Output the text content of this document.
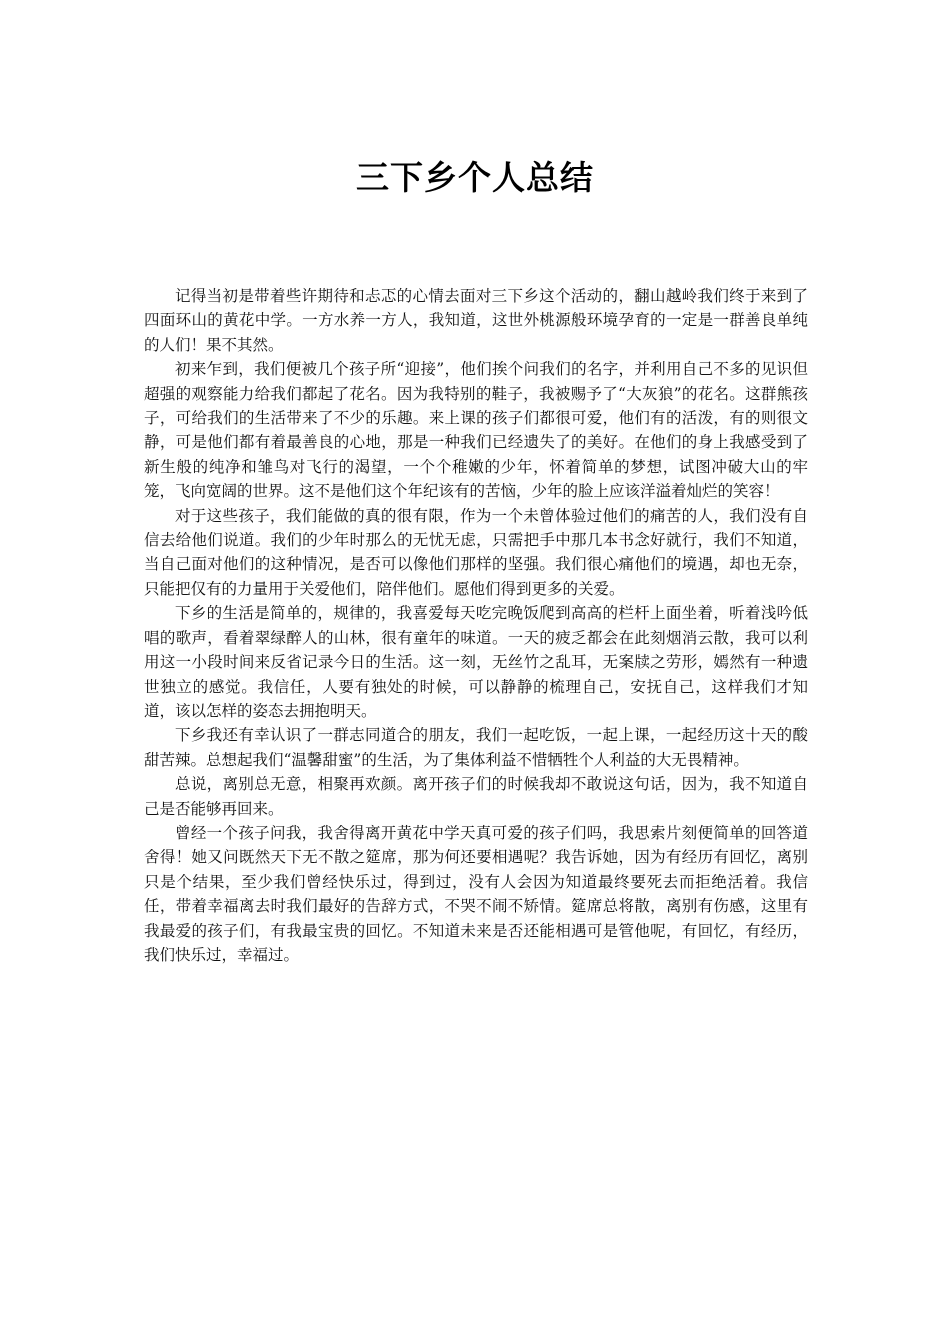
三下乡个人总结

记得当初是带着些许期待和忐忑的心情去面对三下乡这个活动的，翻山越岭我们终于来到了四面环山的黄花中学。一方水养一方人，我知道，这世外桃源般环境孕育的一定是一群善良单纯的人们！果不其然。

初来乍到，我们便被几个孩子所“迎接”，他们挨个问我们的名字，并利用自己不多的见识但超强的观察能力给我们都起了花名。因为我特别的鞋子，我被赐予了“大灰狼”的花名。这群熊孩子，可给我们的生活带来了不少的乐趣。来上课的孩子们都很可爱，他们有的活泼，有的则很文静，可是他们都有着最善良的心地，那是一种我们已经遗失了的美好。在他们的身上我感受到了新生般的纯净和雏鸟对飞行的渴望，一个个稚嫩的少年，怀着简单的梦想，试图冲破大山的牢笼，飞向宽阔的世界。这不是他们这个年纪该有的苦恼，少年的脸上应该洋溢着灿烂的笑容！

对于这些孩子，我们能做的真的很有限，作为一个未曾体验过他们的痛苦的人，我们没有自信去给他们说道。我们的少年时那么的无忧无虑，只需把手中那几本书念好就行，我们不知道，当自己面对他们的这种情况，是否可以像他们那样的坚强。我们很心痛他们的境遇，却也无奈，只能把仅有的力量用于关爱他们，陪伴他们。愿他们得到更多的关爱。

下乡的生活是简单的，规律的，我喜爱每天吃完晚饭爬到高高的栏杆上面坐着，听着浅吟低唱的歌声，看着翠绿醉人的山林，很有童年的味道。一天的疲乏都会在此刻烟消云散，我可以利用这一小段时间来反省记录今日的生活。这一刻，无丝竹之乱耳，无案牍之劳形，嫣然有一种遗世独立的感觉。我信任，人要有独处的时候，可以静静的梳理自己，安抚自己，这样我们才知道，该以怎样的姿态去拥抱明天。

下乡我还有幸认识了一群志同道合的朋友，我们一起吃饭，一起上课，一起经历这十天的酸甜苦辣。总想起我们“温馨甜蜜”的生活，为了集体利益不惜牺牲个人利益的大无畏精神。

总说，离别总无意，相聚再欢颜。离开孩子们的时候我却不敢说这句话，因为，我不知道自己是否能够再回来。

曾经一个孩子问我，我舍得离开黄花中学天真可爱的孩子们吗，我思索片刻便简单的回答道舍得！她又问既然天下无不散之筵席，那为何还要相遇呢？我告诉她，因为有经历有回忆，离别只是个结果，至少我们曾经快乐过，得到过，没有人会因为知道最终要死去而拒绝活着。我信任，带着幸福离去时我们最好的告辞方式，不哭不闹不矫情。筵席总将散，离别有伤感，这里有我最爱的孩子们，有我最宝贵的回忆。不知道未来是否还能相遇可是管他呢，有回忆，有经历，我们快乐过，幸福过。
